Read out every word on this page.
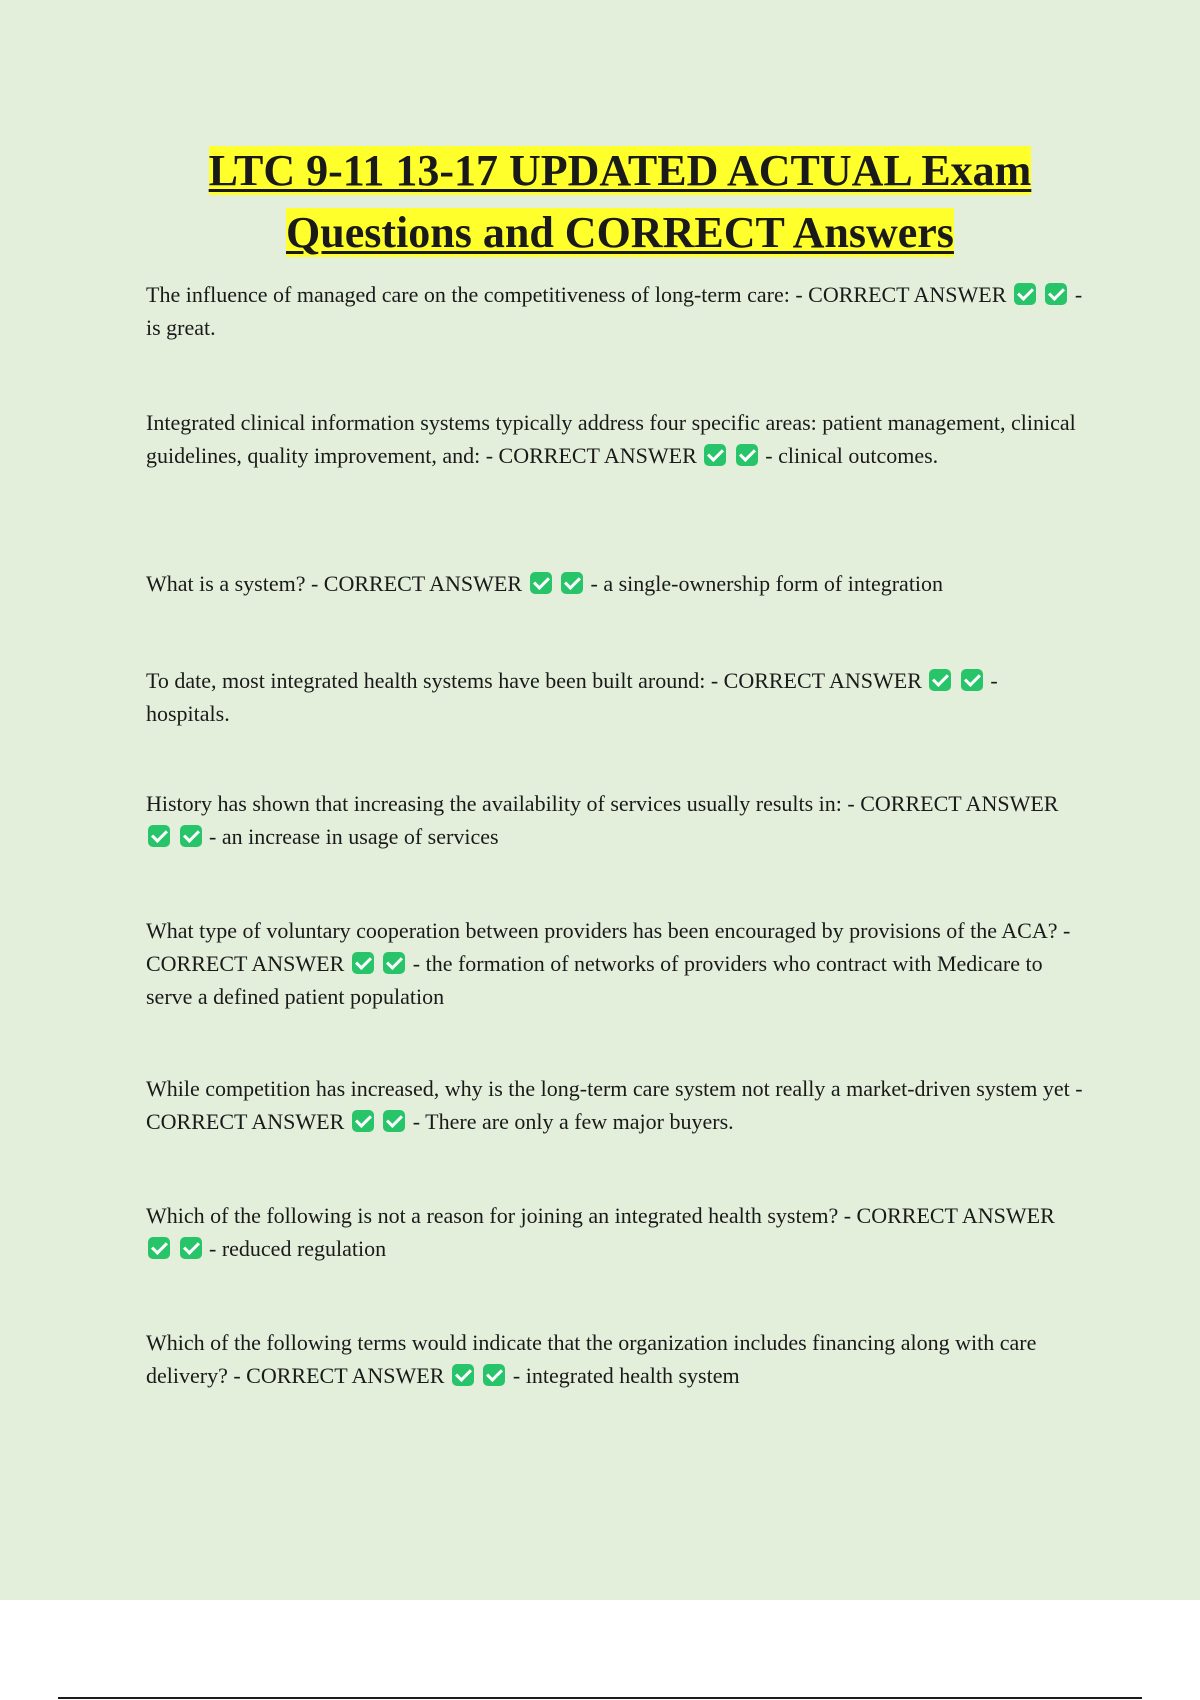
LTC 9-11 13-17 UPDATED ACTUAL Exam
Questions and CORRECT Answers
The influence of managed care on the competitiveness of long-term care: - CORRECT ANSWER	- is great.
Integrated clinical information systems typically address four specific areas: patient management, clinical guidelines, quality improvement, and: - CORRECT ANSWER	- clinical outcomes.
What is a system? - CORRECT ANSWER	- a single-ownership form of integration
To date, most integrated health systems have been built around: - CORRECT ANSWER	- hospitals.
History has shown that increasing the availability of services usually results in: - CORRECT ANSWER   - an increase in usage of services
What type of voluntary cooperation between providers has been encouraged by provisions of the ACA? - CORRECT ANSWER	- the formation of networks of providers who contract with Medicare to serve a defined patient population
While competition has increased, why is the long-term care system not really a market-driven system yet - CORRECT ANSWER	- There are only a few major buyers.
Which of the following is not a reason for joining an integrated health system? - CORRECT ANSWER   - reduced regulation
Which of the following terms would indicate that the organization includes financing along with care delivery? - CORRECT ANSWER	- integrated health system
